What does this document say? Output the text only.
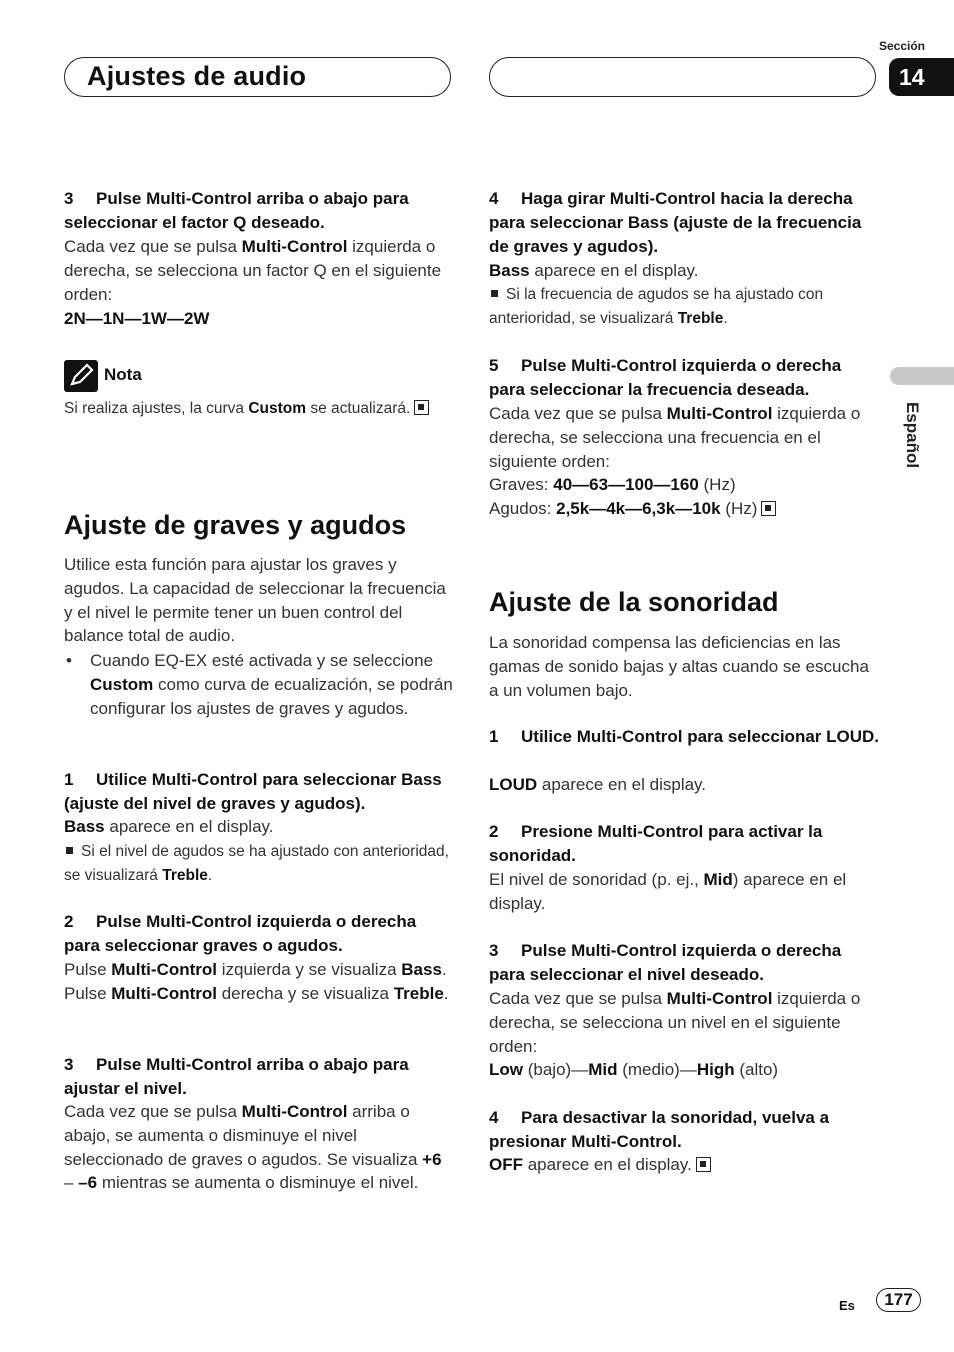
Ajustes de audio
Sección
14
Español
3 Pulse Multi-Control arriba o abajo para seleccionar el factor Q deseado.
Cada vez que se pulsa Multi-Control izquierda o derecha, se selecciona un factor Q en el siguiente orden:
2N—1N—1W—2W
Nota
Si realiza ajustes, la curva Custom se actualizará.
Ajuste de graves y agudos
Utilice esta función para ajustar los graves y agudos. La capacidad de seleccionar la frecuencia y el nivel le permite tener un buen control del balance total de audio.
• Cuando EQ-EX esté activada y se seleccione Custom como curva de ecualización, se podrán configurar los ajustes de graves y agudos.
1 Utilice Multi-Control para seleccionar Bass (ajuste del nivel de graves y agudos).
Bass aparece en el display.
Si el nivel de agudos se ha ajustado con anterioridad, se visualizará Treble.
2 Pulse Multi-Control izquierda o derecha para seleccionar graves o agudos.
Pulse Multi-Control izquierda y se visualiza Bass. Pulse Multi-Control derecha y se visualiza Treble.
3 Pulse Multi-Control arriba o abajo para ajustar el nivel.
Cada vez que se pulsa Multi-Control arriba o abajo, se aumenta o disminuye el nivel seleccionado de graves o agudos. Se visualiza +6 – –6 mientras se aumenta o disminuye el nivel.
4 Haga girar Multi-Control hacia la derecha para seleccionar Bass (ajuste de la frecuencia de graves y agudos).
Bass aparece en el display.
Si la frecuencia de agudos se ha ajustado con anterioridad, se visualizará Treble.
5 Pulse Multi-Control izquierda o derecha para seleccionar la frecuencia deseada.
Cada vez que se pulsa Multi-Control izquierda o derecha, se selecciona una frecuencia en el siguiente orden:
Graves: 40—63—100—160 (Hz)
Agudos: 2,5k—4k—6,3k—10k (Hz)
Ajuste de la sonoridad
La sonoridad compensa las deficiencias en las gamas de sonido bajas y altas cuando se escucha a un volumen bajo.
1 Utilice Multi-Control para seleccionar LOUD.
LOUD aparece en el display.
2 Presione Multi-Control para activar la sonoridad.
El nivel de sonoridad (p. ej., Mid) aparece en el display.
3 Pulse Multi-Control izquierda o derecha para seleccionar el nivel deseado.
Cada vez que se pulsa Multi-Control izquierda o derecha, se selecciona un nivel en el siguiente orden:
Low (bajo)—Mid (medio)—High (alto)
4 Para desactivar la sonoridad, vuelva a presionar Multi-Control.
OFF aparece en el display.
Es	177
